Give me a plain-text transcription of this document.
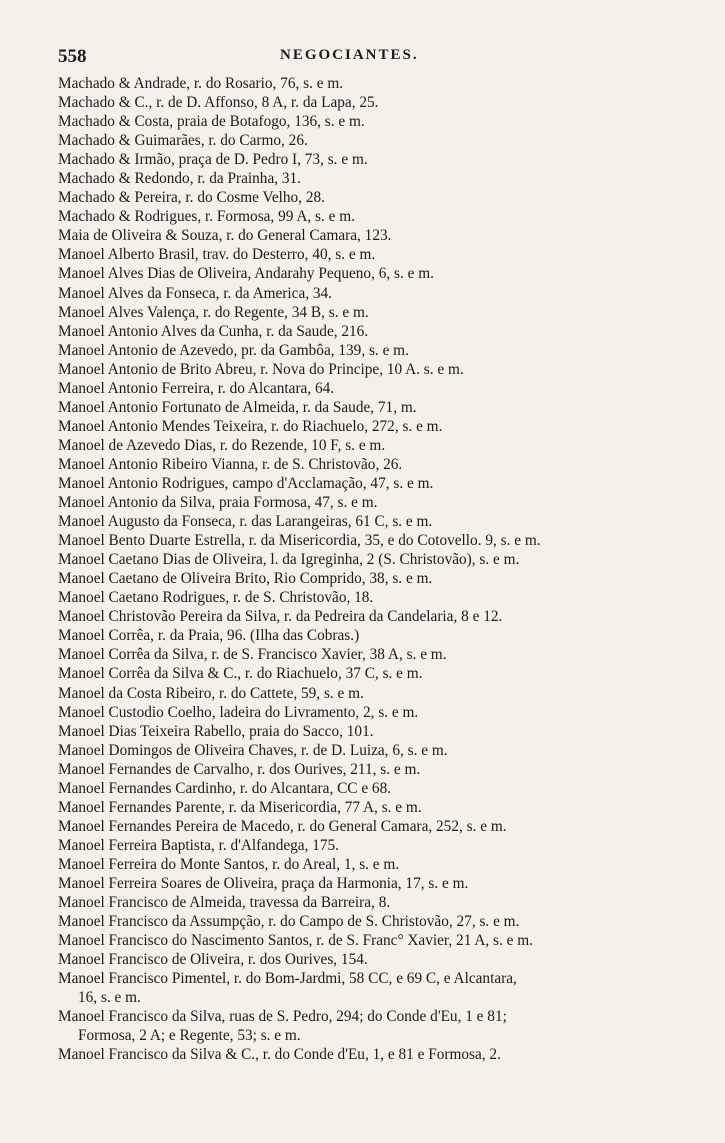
558	NEGOCIANTES.
Machado & Andrade, r. do Rosario, 76, s. e m.
Machado & C., r. de D. Affonso, 8 A, r. da Lapa, 25.
Machado & Costa, praia de Botafogo, 136, s. e m.
Machado & Guimarães, r. do Carmo, 26.
Machado & Irmão, praça de D. Pedro I, 73, s. e m.
Machado & Redondo, r. da Prainha, 31.
Machado & Pereira, r. do Cosme Velho, 28.
Machado & Rodrigues, r. Formosa, 99 A, s. e m.
Maia de Oliveira & Souza, r. do General Camara, 123.
Manoel Alberto Brasil, trav. do Desterro, 40, s. e m.
Manoel Alves Dias de Oliveira, Andarahy Pequeno, 6, s. e m.
Manoel Alves da Fonseca, r. da America, 34.
Manoel Alves Valença, r. do Regente, 34 B, s. e m.
Manoel Antonio Alves da Cunha, r. da Saude, 216.
Manoel Antonio de Azevedo, pr. da Gambôa, 139, s. e m.
Manoel Antonio de Brito Abreu, r. Nova do Principe, 10 A. s. e m.
Manoel Antonio Ferreira, r. do Alcantara, 64.
Manoel Antonio Fortunato de Almeida, r. da Saude, 71, m.
Manoel Antonio Mendes Teixeira, r. do Riachuelo, 272, s. e m.
Manoel de Azevedo Dias, r. do Rezende, 10 F, s. e m.
Manoel Antonio Ribeiro Vianna, r. de S. Christovão, 26.
Manoel Antonio Rodrigues, campo d'Acclamação, 47, s. e m.
Manoel Antonio da Silva, praia Formosa, 47, s. e m.
Manoel Augusto da Fonseca, r. das Larangeiras, 61 C, s. e m.
Manoel Bento Duarte Estrella, r. da Misericordia, 35, e do Cotovello. 9, s. e m.
Manoel Caetano Dias de Oliveira, l. da Igreginha, 2 (S. Christovão), s. e m.
Manoel Caetano de Oliveira Brito, Rio Comprido, 38, s. e m.
Manoel Caetano Rodrigues, r. de S. Christovão, 18.
Manoel Christovão Pereira da Silva, r. da Pedreira da Candelaria, 8 e 12.
Manoel Corrêa, r. da Praia, 96. (Ilha das Cobras.)
Manoel Corrêa da Silva, r. de S. Francisco Xavier, 38 A, s. e m.
Manoel Corrêa da Silva & C., r. do Riachuelo, 37 C, s. e m.
Manoel da Costa Ribeiro, r. do Cattete, 59, s. e m.
Manoel Custodio Coelho, ladeira do Livramento, 2, s. e m.
Manoel Dias Teixeira Rabello, praia do Sacco, 101.
Manoel Domingos de Oliveira Chaves, r. de D. Luiza, 6, s. e m.
Manoel Fernandes de Carvalho, r. dos Ourives, 211, s. e m.
Manoel Fernandes Cardinho, r. do Alcantara, CC e 68.
Manoel Fernandes Parente, r. da Misericordia, 77 A, s. e m.
Manoel Fernandes Pereira de Macedo, r. do General Camara, 252, s. e m.
Manoel Ferreira Baptista, r. d'Alfandega, 175.
Manoel Ferreira do Monte Santos, r. do Areal, 1, s. e m.
Manoel Ferreira Soares de Oliveira, praça da Harmonia, 17, s. e m.
Manoel Francisco de Almeida, travessa da Barreira, 8.
Manoel Francisco da Assumpção, r. do Campo de S. Christovão, 27, s. e m.
Manoel Francisco do Nascimento Santos, r. de S. Franc° Xavier, 21 A, s. e m.
Manoel Francisco de Oliveira, r. dos Ourives, 154.
Manoel Francisco Pimentel, r. do Bom-Jardmi, 58 CC, e 69 C, e Alcantara,
16, s. e m.
Manoel Francisco da Silva, ruas de S. Pedro, 294; do Conde d'Eu, 1 e 81;
Formosa, 2 A; e Regente, 53; s. e m.
Manoel Francisco da Silva & C., r. do Conde d'Eu, 1, e 81 e Formosa, 2.
